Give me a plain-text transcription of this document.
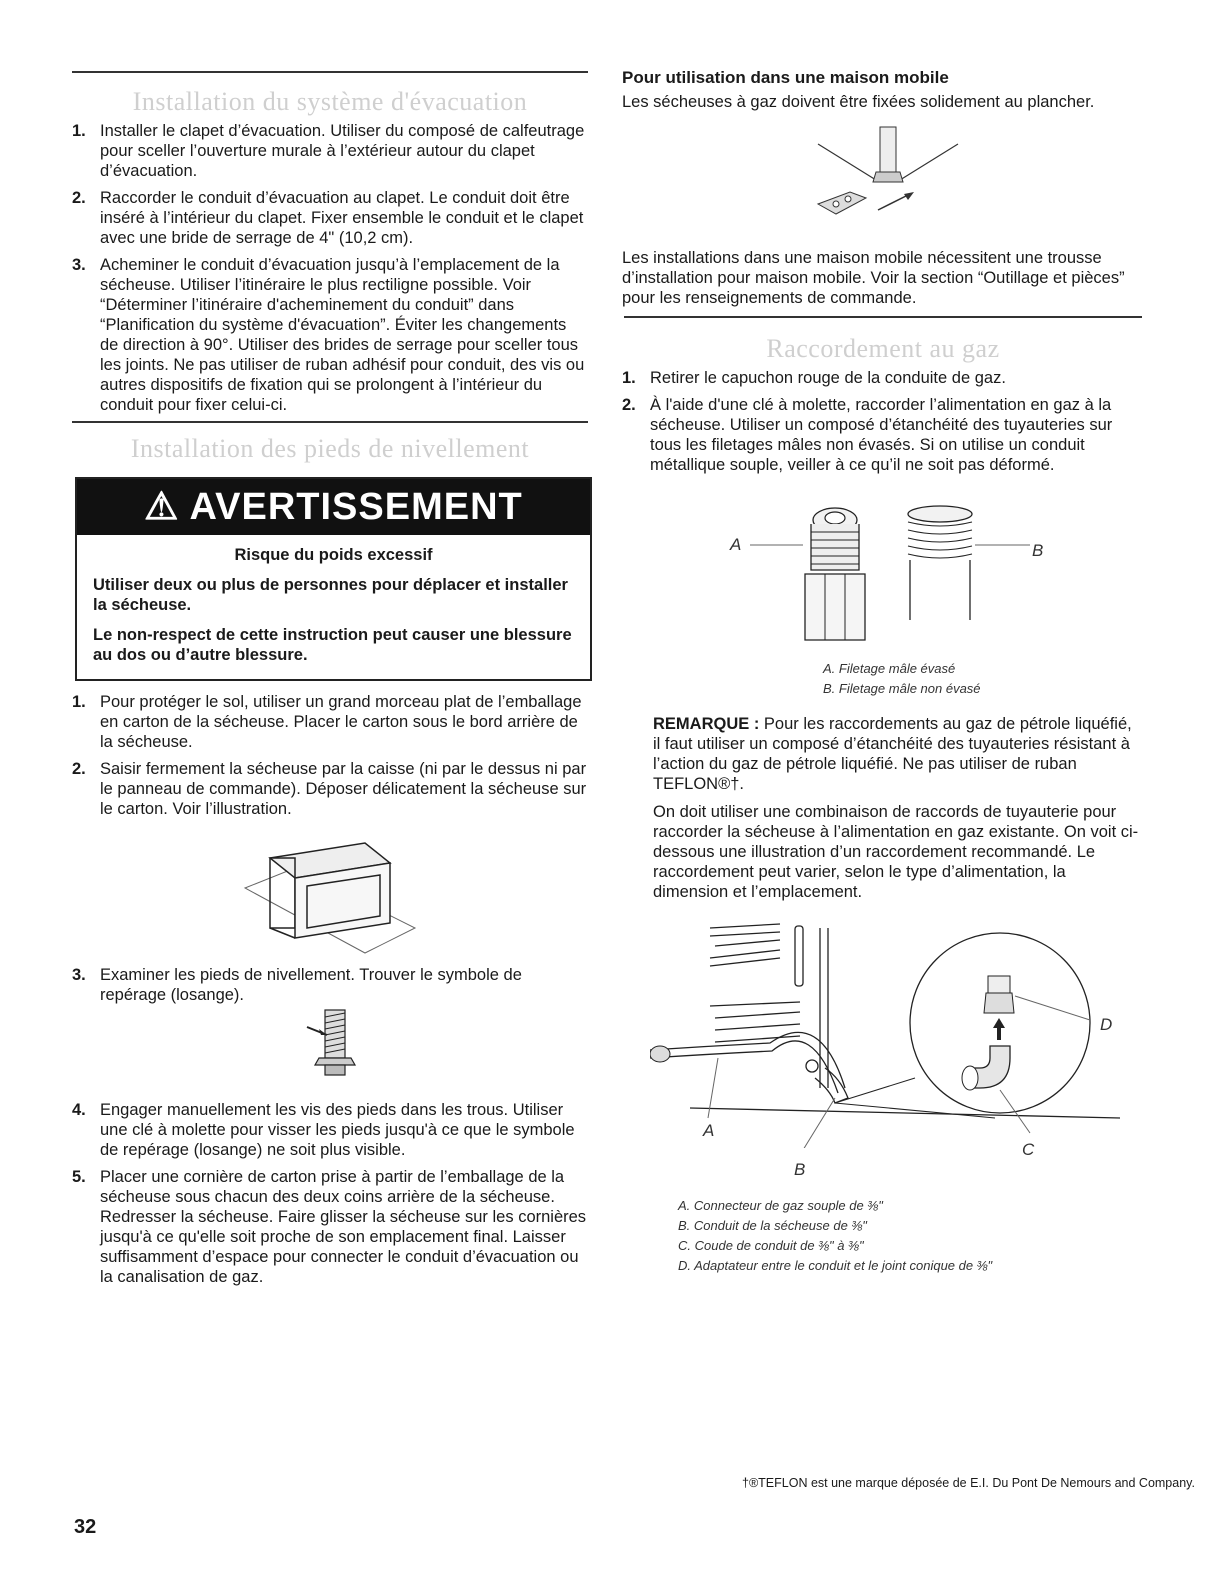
Installation du système d'évacuation
1. Installer le clapet d’évacuation. Utiliser du composé de calfeutrage pour sceller l’ouverture murale à l’extérieur autour du clapet d’évacuation.
2. Raccorder le conduit d’évacuation au clapet. Le conduit doit être inséré à l’intérieur du clapet. Fixer ensemble le conduit et le clapet avec une bride de serrage de 4" (10,2 cm).
3. Acheminer le conduit d’évacuation jusqu’à l’emplacement de la sécheuse. Utiliser l’itinéraire le plus rectiligne possible. Voir “Déterminer l’itinéraire d'acheminement du conduit” dans “Planification du système d'évacuation”. Éviter les changements de direction à 90°. Utiliser des brides de serrage pour sceller tous les joints. Ne pas utiliser de ruban adhésif pour conduit, des vis ou autres dispositifs de fixation qui se prolongent à l’intérieur du conduit pour fixer celui-ci.
Installation des pieds de nivellement
⚠ AVERTISSEMENT
Risque du poids excessif

Utiliser deux ou plus de personnes pour déplacer et installer la sécheuse.

Le non-respect de cette instruction peut causer une blessure au dos ou d’autre blessure.

1. Pour protéger le sol, utiliser un grand morceau plat de l’emballage en carton de la sécheuse. Placer le carton sous le bord arrière de la sécheuse.
2. Saisir fermement la sécheuse par la caisse (ni par le dessus ni par le panneau de commande). Déposer délicatement la sécheuse sur le carton. Voir l’illustration.
3. Examiner les pieds de nivellement. Trouver le symbole de repérage (losange).
4. Engager manuellement les vis des pieds dans les trous. Utiliser une clé à molette pour visser les pieds jusqu'à ce que le symbole de repérage (losange) ne soit plus visible.
5. Placer une cornière de carton prise à partir de l’emballage de la sécheuse sous chacun des deux coins arrière de la sécheuse. Redresser la sécheuse. Faire glisser la sécheuse sur les cornières jusqu'à ce qu'elle soit proche de son emplacement final. Laisser suffisamment d’espace pour connecter le conduit d’évacuation ou la canalisation de gaz.
Pour utilisation dans une maison mobile

Les sécheuses à gaz doivent être fixées solidement au plancher.

Les installations dans une maison mobile nécessitent une trousse d’installation pour maison mobile. Voir la section “Outillage et pièces” pour les renseignements de commande.

Raccordement au gaz
1. Retirer le capuchon rouge de la conduite de gaz.
2. À l'aide d'une clé à molette, raccorder l’alimentation en gaz à la sécheuse. Utiliser un composé d’étanchéité des tuyauteries sur tous les filetages mâles non évasés. Si on utilise un conduit métallique souple, veiller à ce qu’il ne soit pas déformé.
A	B
A. Filetage mâle évasé
B. Filetage mâle non évasé

REMARQUE : Pour les raccordements au gaz de pétrole liquéfié, il faut utiliser un composé d’étanchéité des tuyauteries résistant à l’action du gaz de pétrole liquéfié. Ne pas utiliser de ruban TEFLON®†.

On doit utiliser une combinaison de raccords de tuyauterie pour raccorder la sécheuse à l’alimentation en gaz existante. On voit ci-dessous une illustration d’un raccordement recommandé. Le raccordement peut varier, selon le type d’alimentation, la dimension et l’emplacement.

A
B
C
D
A. Connecteur de gaz souple de ⅜"
B. Conduit de la sécheuse de ⅜"
C. Coude de conduit de ⅜" à ⅜"
D. Adaptateur entre le conduit et le joint conique de ⅜"
†®TEFLON est une marque déposée de E.I. Du Pont De Nemours and Company.
32
